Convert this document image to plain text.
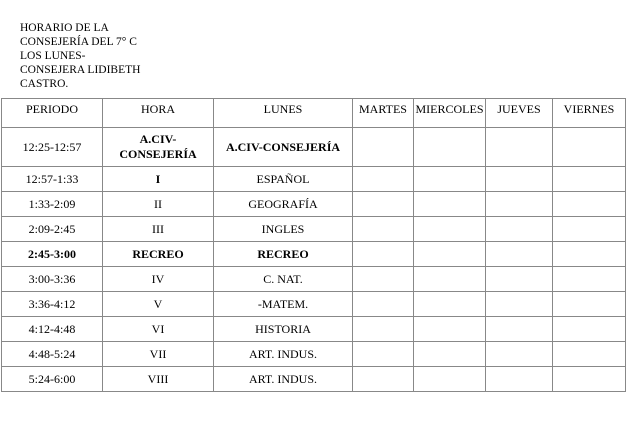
HORARIO DE LA
CONSEJERÍA DEL 7° C
LOS LUNES-
CONSEJERA LIDIBETH
CASTRO.
PERIODO	HORA	LUNES	MARTES	MIERCOLES	JUEVES	VIERNES
12:25-12:57	A.CIV-CONSEJERÍA	A.CIV-CONSEJERÍA				
12:57-1:33	I	ESPAÑOL				
1:33-2:09	II	GEOGRAFÍA				
2:09-2:45	III	INGLES				
2:45-3:00	RECREO	RECREO				
3:00-3:36	IV	C. NAT.				
3:36-4:12	V	-MATEM.				
4:12-4:48	VI	HISTORIA				
4:48-5:24	VII	ART. INDUS.				
5:24-6:00	VIII	ART. INDUS.				
